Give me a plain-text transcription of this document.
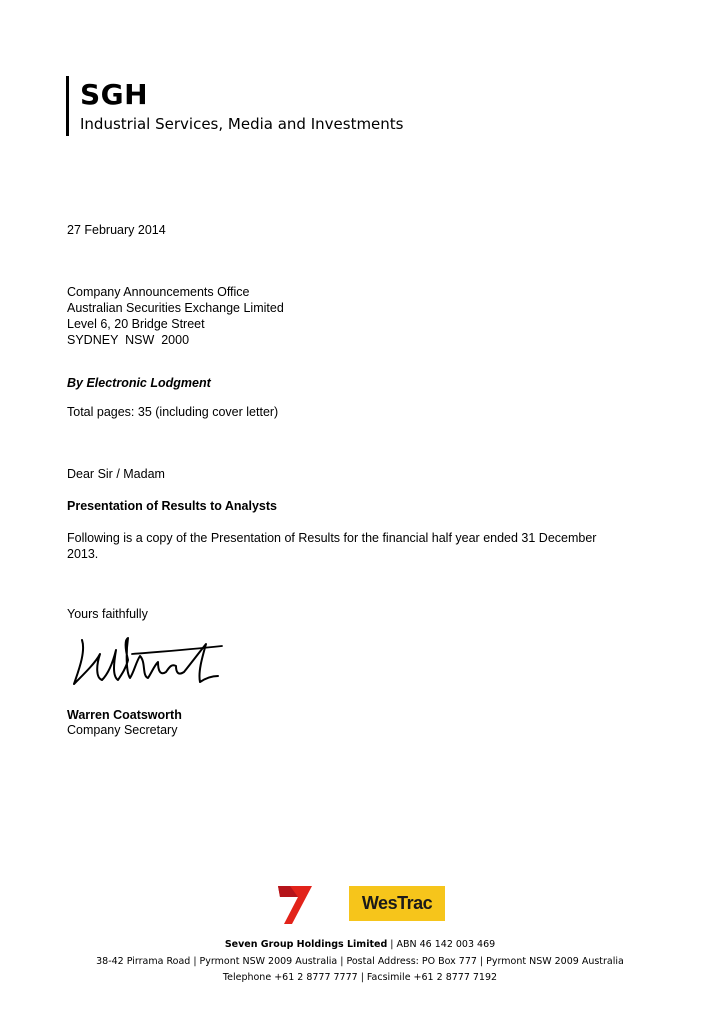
SGH
Industrial Services, Media and Investments
27 February 2014
Company Announcements Office
Australian Securities Exchange Limited
Level 6, 20 Bridge Street
SYDNEY  NSW  2000
By Electronic Lodgment
Total pages: 35 (including cover letter)
Dear Sir / Madam
Presentation of Results to Analysts
Following is a copy of the Presentation of Results for the financial half year ended 31 December 2013.
Yours faithfully
Warren Coatsworth
Company Secretary
WesTrac
Seven Group Holdings Limited | ABN 46 142 003 469
38-42 Pirrama Road | Pyrmont NSW 2009 Australia | Postal Address: PO Box 777 | Pyrmont NSW 2009 Australia
Telephone +61 2 8777 7777 | Facsimile +61 2 8777 7192
